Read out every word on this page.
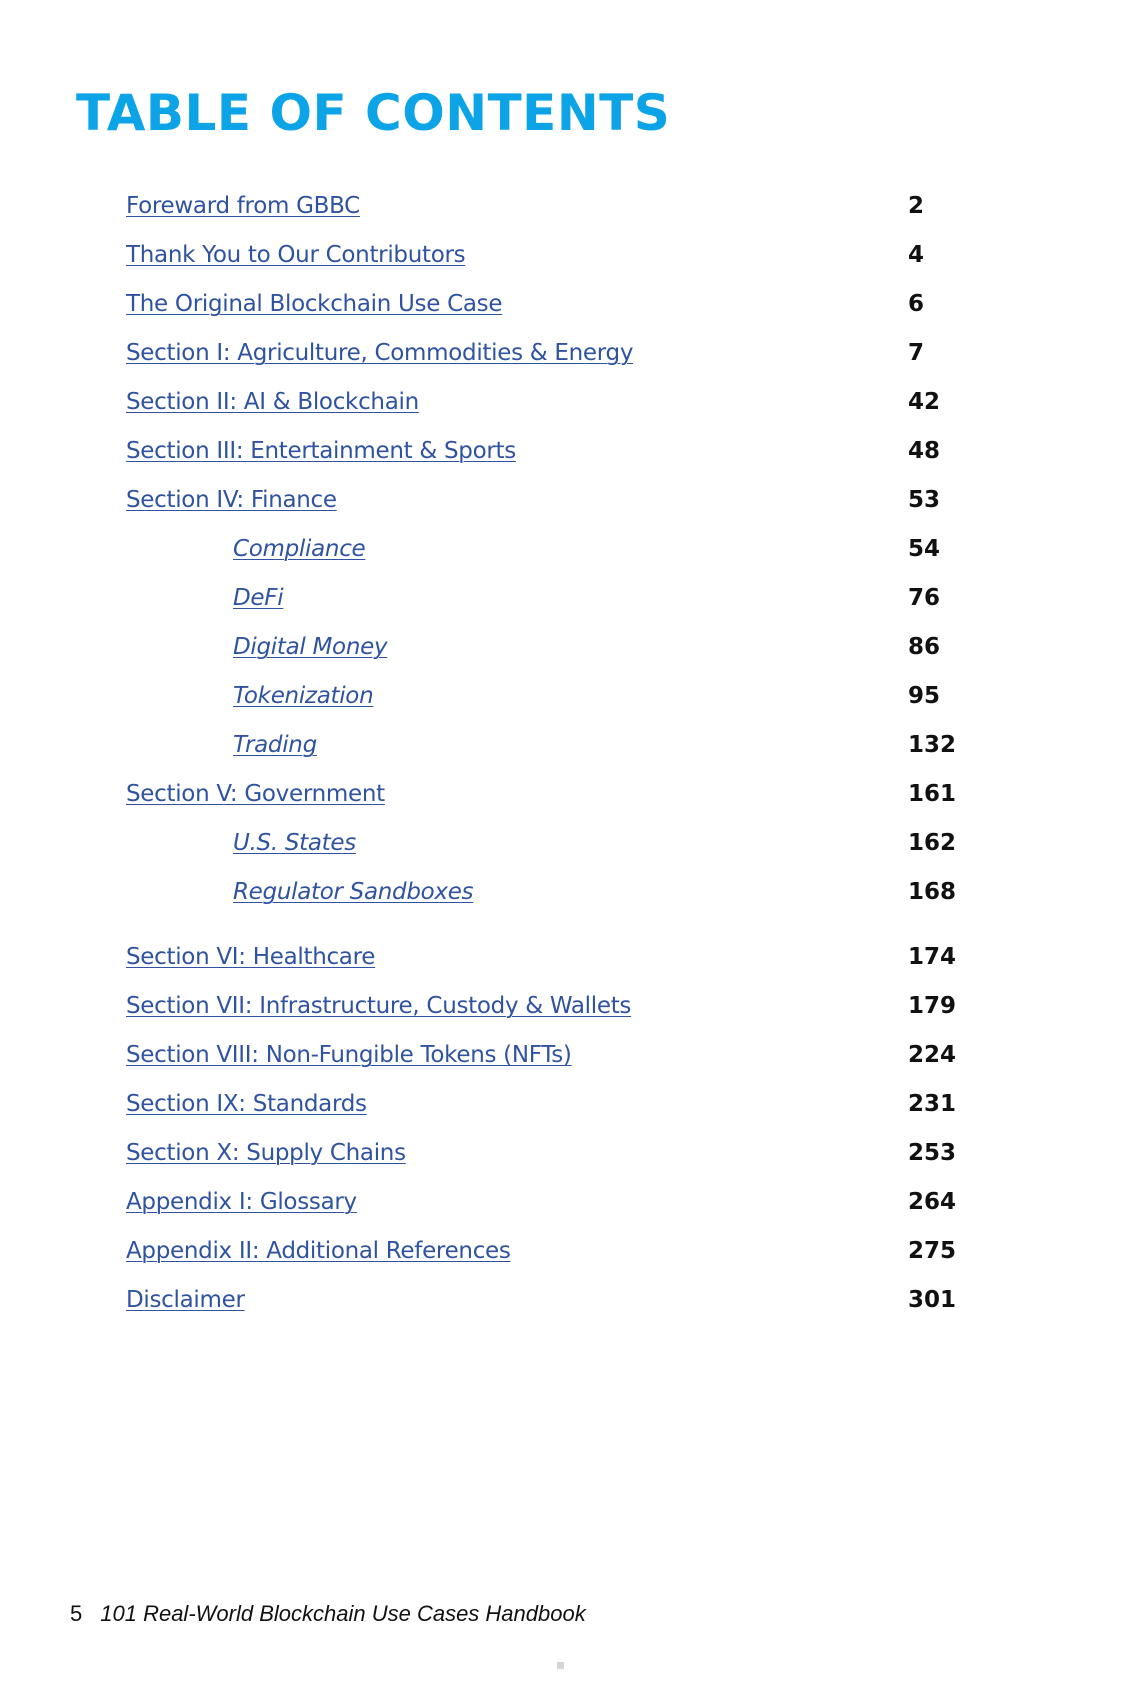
TABLE OF CONTENTS
Foreward from GBBC	2
Thank You to Our Contributors	4
The Original Blockchain Use Case	6
Section I: Agriculture, Commodities & Energy	7
Section II: AI & Blockchain	42
Section III: Entertainment & Sports	48
Section IV: Finance	53
Compliance	54
DeFi	76
Digital Money	86
Tokenization	95
Trading	132
Section V: Government	161
U.S. States	162
Regulator Sandboxes	168
Section VI: Healthcare	174
Section VII: Infrastructure, Custody & Wallets	179
Section VIII: Non-Fungible Tokens (NFTs)	224
Section IX: Standards	231
Section X: Supply Chains	253
Appendix I: Glossary	264
Appendix II: Additional References	275
Disclaimer	301
5 101 Real-World Blockchain Use Cases Handbook
